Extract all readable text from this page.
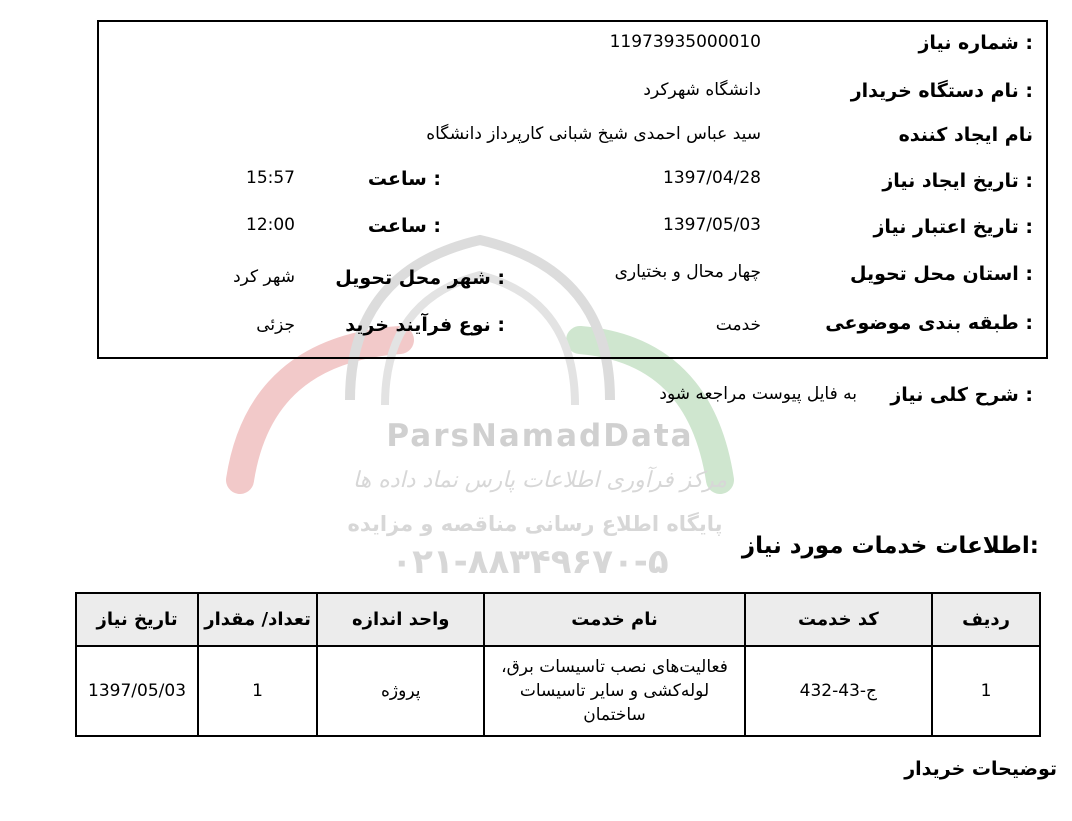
ParsNamadData
مرکز فرآوری اطلاعات پارس نماد داده ها
پایگاه اطلاع رسانی مناقصه و مزایده
۰۲۱-۸۸۳۴۹۶۷۰-۵
شماره نیاز :
11973935000010
نام دستگاه خریدار :
دانشگاه شهرکرد
نام ایجاد کننده
سید عباس احمدی شیخ شبانی کارپرداز دانشگاه
تاریخ ایجاد نیاز :
1397/04/28
ساعت :
15:57
تاریخ اعتبار نیاز :
1397/05/03
ساعت :
12:00
استان محل تحویل :
چهار محال و بختیاری
شهر محل تحویل :
شهر کرد
طبقه بندی موضوعی :
خدمت
نوع فرآیند خرید :
جزئی
شرح کلی نیاز :
به فایل پیوست مراجعه شود
اطلاعات خدمات مورد نیاز:
ردیف	کد خدمت	نام خدمت	واحد اندازه	تعداد/ مقدار	تاریخ نیاز
1	ج-43-432	فعالیت‌های نصب تاسیسات برق، لوله‌کشی و سایر تاسیسات ساختمان	پروژه	1	1397/05/03
توضیحات خریدار
